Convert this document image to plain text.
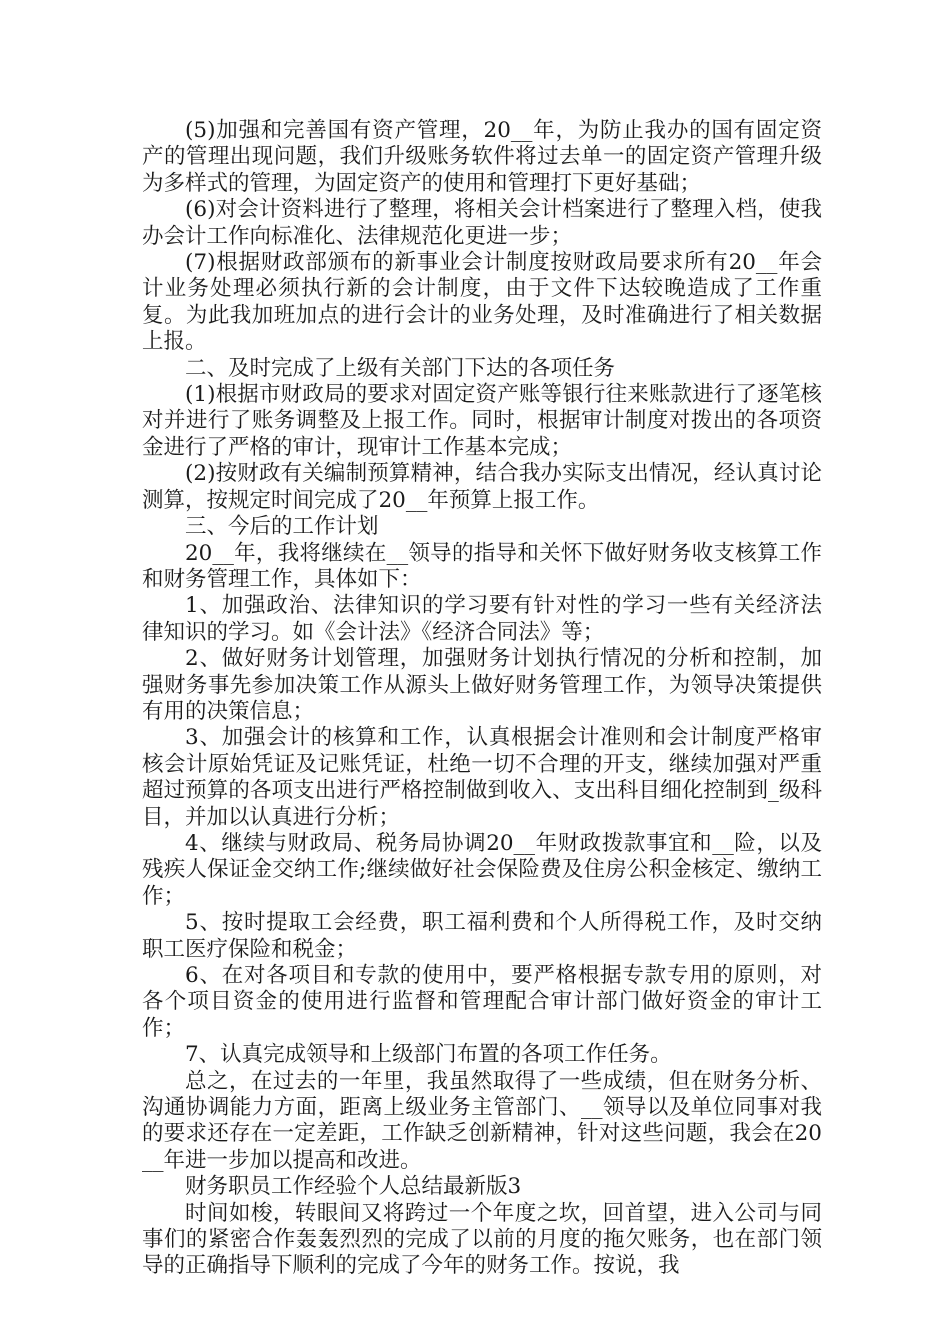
(5)加强和完善国有资产管理，20__年，为防止我办的国有固定资产的管理出现问题，我们升级账务软件将过去单一的固定资产管理升级为多样式的管理，为固定资产的使用和管理打下更好基础；

(6)对会计资料进行了整理，将相关会计档案进行了整理入档，使我办会计工作向标准化、法律规范化更进一步；

(7)根据财政部颁布的新事业会计制度按财政局要求所有20__年会计业务处理必须执行新的会计制度，由于文件下达较晚造成了工作重复。为此我加班加点的进行会计的业务处理，及时准确进行了相关数据上报。

二、及时完成了上级有关部门下达的各项任务

(1)根据市财政局的要求对固定资产账等银行往来账款进行了逐笔核对并进行了账务调整及上报工作。同时，根据审计制度对拨出的各项资金进行了严格的审计，现审计工作基本完成；

(2)按财政有关编制预算精神，结合我办实际支出情况，经认真讨论测算，按规定时间完成了20__年预算上报工作。

三、今后的工作计划

20__年，我将继续在__领导的指导和关怀下做好财务收支核算工作和财务管理工作，具体如下：

1、加强政治、法律知识的学习要有针对性的学习一些有关经济法律知识的学习。如《会计法》《经济合同法》等；

2、做好财务计划管理，加强财务计划执行情况的分析和控制，加强财务事先参加决策工作从源头上做好财务管理工作，为领导决策提供有用的决策信息；

3、加强会计的核算和工作，认真根据会计准则和会计制度严格审核会计原始凭证及记账凭证，杜绝一切不合理的开支，继续加强对严重超过预算的各项支出进行严格控制做到收入、支出科目细化控制到_级科目，并加以认真进行分析；

4、继续与财政局、税务局协调20__年财政拨款事宜和__险，以及残疾人保证金交纳工作;继续做好社会保险费及住房公积金核定、缴纳工作；

5、按时提取工会经费，职工福利费和个人所得税工作，及时交纳职工医疗保险和税金；

6、在对各项目和专款的使用中，要严格根据专款专用的原则，对各个项目资金的使用进行监督和管理配合审计部门做好资金的审计工作；

7、认真完成领导和上级部门布置的各项工作任务。

总之，在过去的一年里，我虽然取得了一些成绩，但在财务分析、沟通协调能力方面，距离上级业务主管部门、__领导以及单位同事对我的要求还存在一定差距，工作缺乏创新精神，针对这些问题，我会在20__年进一步加以提高和改进。

财务职员工作经验个人总结最新版3

时间如梭，转眼间又将跨过一个年度之坎，回首望，进入公司与同事们的紧密合作轰轰烈烈的完成了以前的月度的拖欠账务，也在部门领导的正确指导下顺利的完成了今年的财务工作。按说，我
